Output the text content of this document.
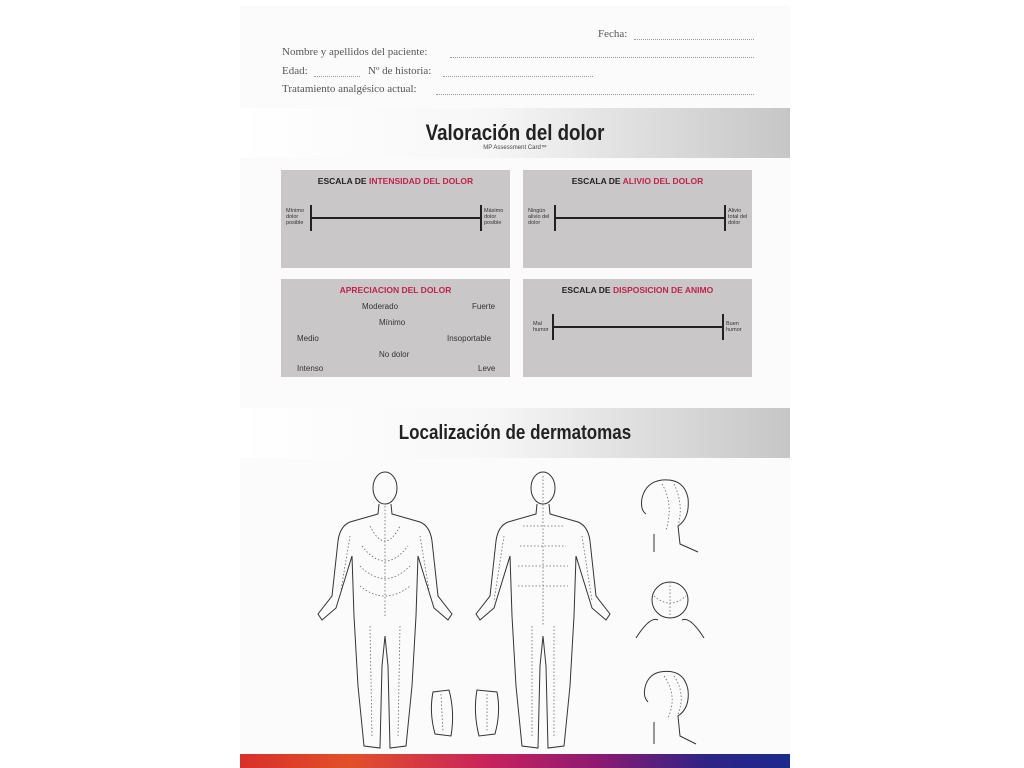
Fecha:
Nombre y apellidos del paciente:
Edad:	Nº de historia:
Tratamiento analgésico actual:
Valoración del dolor
MP Assessment Card™
ESCALA DE INTENSIDAD DEL DOLOR
Mínimo dolor posible
Máximo dolor posible
ESCALA DE ALIVIO DEL DOLOR
Ningún alivio del dolor
Alivio total del dolor
APRECIACION DEL DOLOR
Moderado	Fuerte
Mínimo
Medio	Insoportable
No dolor
Intenso	Leve
ESCALA DE DISPOSICION DE ANIMO
Mal humor
Buen humor
Localización de dermatomas
